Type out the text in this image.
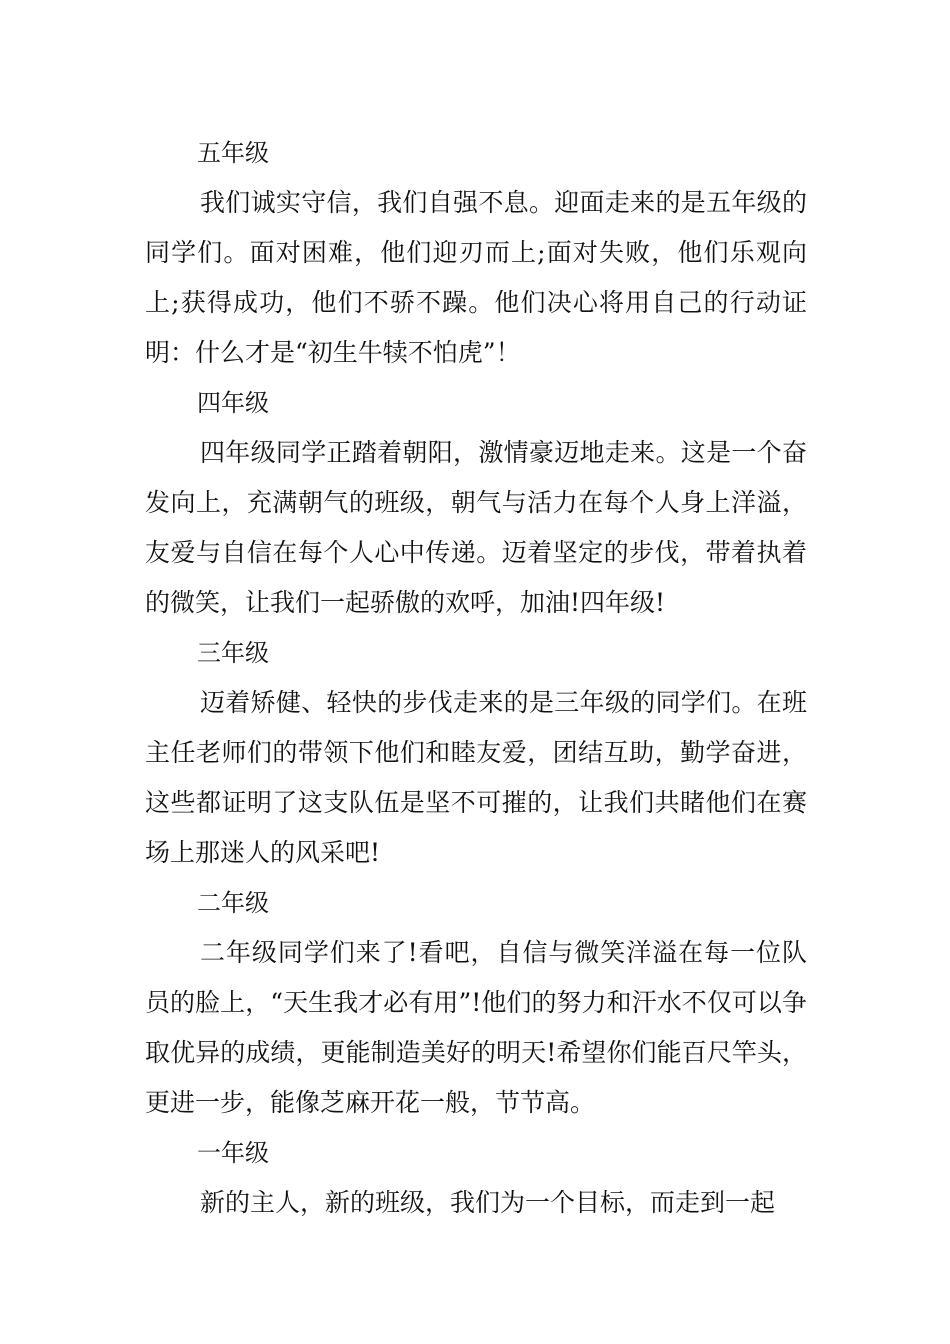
五年级

我们诚实守信，我们自强不息。迎面走来的是五年级的同学们。面对困难，他们迎刃而上;面对失败，他们乐观向上;获得成功，他们不骄不躁。他们决心将用自己的行动证明：什么才是“初生牛犊不怕虎”！

四年级

四年级同学正踏着朝阳，激情豪迈地走来。这是一个奋发向上，充满朝气的班级，朝气与活力在每个人身上洋溢，友爱与自信在每个人心中传递。迈着坚定的步伐，带着执着的微笑，让我们一起骄傲的欢呼，加油!四年级!

三年级

迈着矫健、轻快的步伐走来的是三年级的同学们。在班主任老师们的带领下他们和睦友爱，团结互助，勤学奋进，这些都证明了这支队伍是坚不可摧的，让我们共睹他们在赛场上那迷人的风采吧!

二年级

二年级同学们来了!看吧，自信与微笑洋溢在每一位队员的脸上，“天生我才必有用”!他们的努力和汗水不仅可以争取优异的成绩，更能制造美好的明天!希望你们能百尺竿头，更进一步，能像芝麻开花一般，节节高。

一年级

新的主人，新的班级，我们为一个目标，而走到一起
